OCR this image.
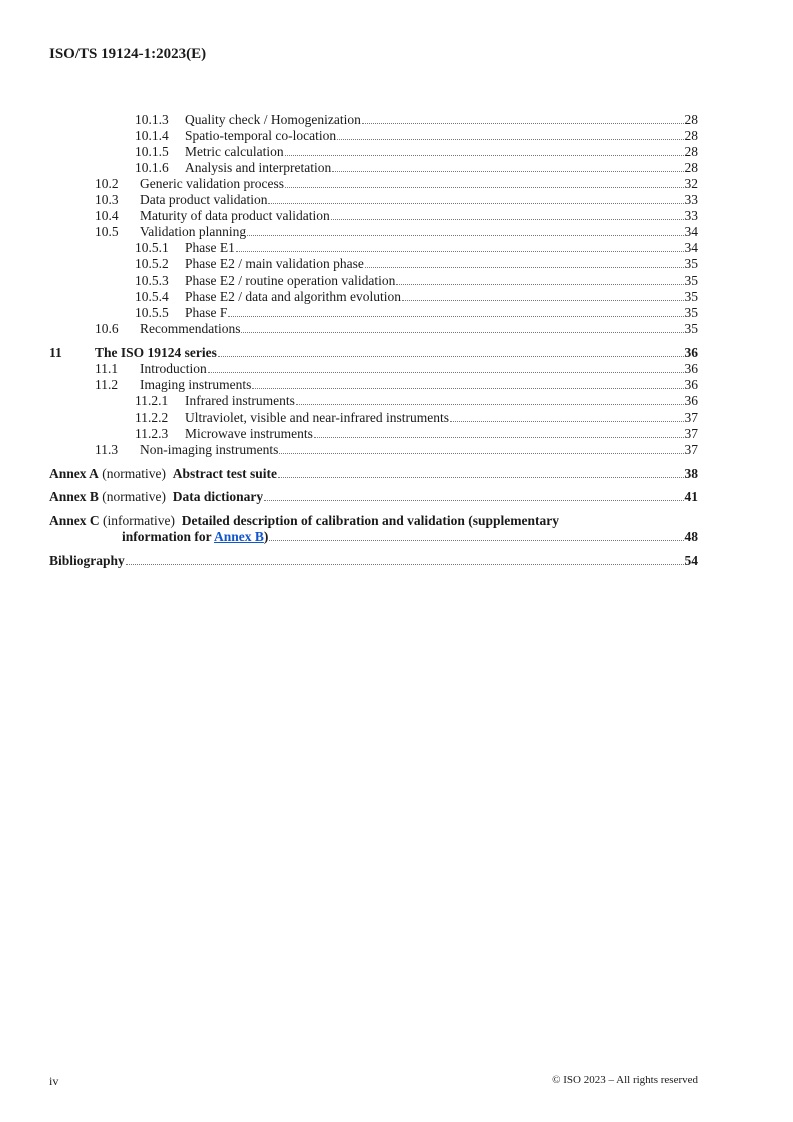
ISO/TS 19124-1:2023(E)
10.1.3	Quality check / Homogenization	28
10.1.4	Spatio-temporal co-location	28
10.1.5	Metric calculation	28
10.1.6	Analysis and interpretation	28
10.2	Generic validation process	32
10.3	Data product validation	33
10.4	Maturity of data product validation	33
10.5	Validation planning	34
10.5.1	Phase E1	34
10.5.2	Phase E2 / main validation phase	35
10.5.3	Phase E2 / routine operation validation	35
10.5.4	Phase E2 / data and algorithm evolution	35
10.5.5	Phase F	35
10.6	Recommendations	35
11	The ISO 19124 series	36
11.1	Introduction	36
11.2	Imaging instruments	36
11.2.1	Infrared instruments	36
11.2.2	Ultraviolet, visible and near-infrared instruments	37
11.2.3	Microwave instruments	37
11.3	Non-imaging instruments	37
Annex A (normative) Abstract test suite	38
Annex B (normative) Data dictionary	41
Annex C (informative) Detailed description of calibration and validation (supplementary
information for Annex B)	48
Bibliography	54
iv	© ISO 2023 – All rights reserved
